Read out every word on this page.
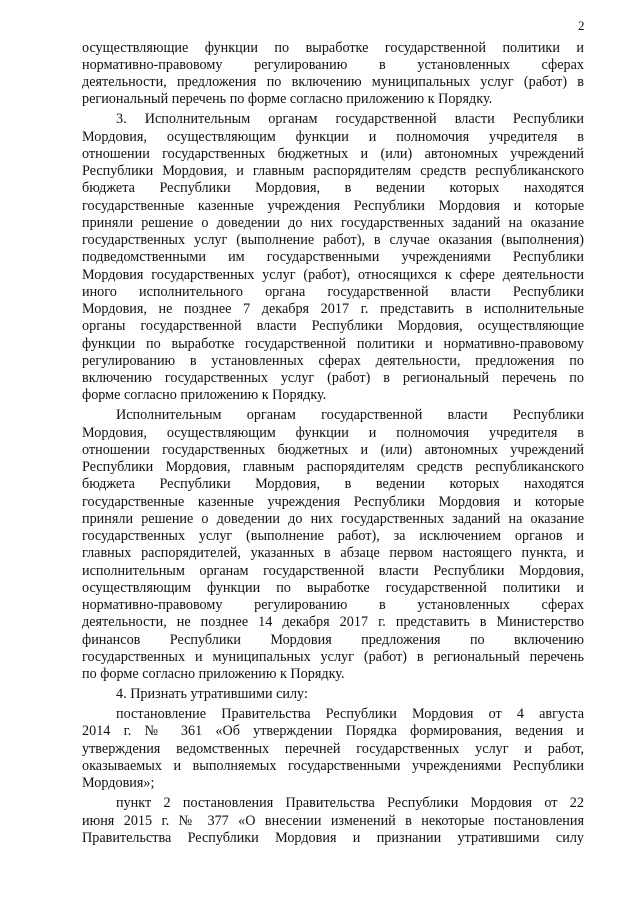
2
осуществляющие функции по выработке государственной политики и
нормативно-правовому регулированию в установленных сферах
деятельности, предложения по включению муниципальных услуг (работ) в
региональный перечень по форме согласно приложению к Порядку.
3. Исполнительным органам государственной власти Республики
Мордовия, осуществляющим функции и полномочия учредителя в
отношении государственных бюджетных и (или) автономных учреждений
Республики Мордовия, и главным распорядителям средств республиканского
бюджета Республики Мордовия, в ведении которых находятся
государственные казенные учреждения Республики Мордовия и которые
приняли решение о доведении до них государственных заданий на оказание
государственных услуг (выполнение работ), в случае оказания (выполнения)
подведомственными им государственными учреждениями Республики
Мордовия государственных услуг (работ), относящихся к сфере деятельности
иного исполнительного органа государственной власти Республики
Мордовия, не позднее 7 декабря 2017 г. представить в исполнительные
органы государственной власти Республики Мордовия, осуществляющие
функции по выработке государственной политики и нормативно-правовому
регулированию в установленных сферах деятельности, предложения по
включению государственных услуг (работ) в региональный перечень по
форме согласно приложению к Порядку.
Исполнительным органам государственной власти Республики
Мордовия, осуществляющим функции и полномочия учредителя в
отношении государственных бюджетных и (или) автономных учреждений
Республики Мордовия, главным распорядителям средств республиканского
бюджета Республики Мордовия, в ведении которых находятся
государственные казенные учреждения Республики Мордовия и которые
приняли решение о доведении до них государственных заданий на оказание
государственных услуг (выполнение работ), за исключением органов и
главных распорядителей, указанных в абзаце первом настоящего пункта, и
исполнительным органам государственной власти Республики Мордовия,
осуществляющим функции по выработке государственной политики и
нормативно-правовому регулированию в установленных сферах
деятельности, не позднее 14 декабря 2017 г. представить в Министерство
финансов Республики Мордовия предложения по включению
государственных и муниципальных услуг (работ) в региональный перечень
по форме согласно приложению к Порядку.
4. Признать утратившими силу:
постановление Правительства Республики Мордовия от 4 августа
2014 г. № 361 «Об утверждении Порядка формирования, ведения и
утверждения ведомственных перечней государственных услуг и работ,
оказываемых и выполняемых государственными учреждениями Республики
Мордовия»;
пункт 2 постановления Правительства Республики Мордовия от 22
июня 2015 г. № 377 «О внесении изменений в некоторые постановления
Правительства Республики Мордовия и признании утратившими силу
